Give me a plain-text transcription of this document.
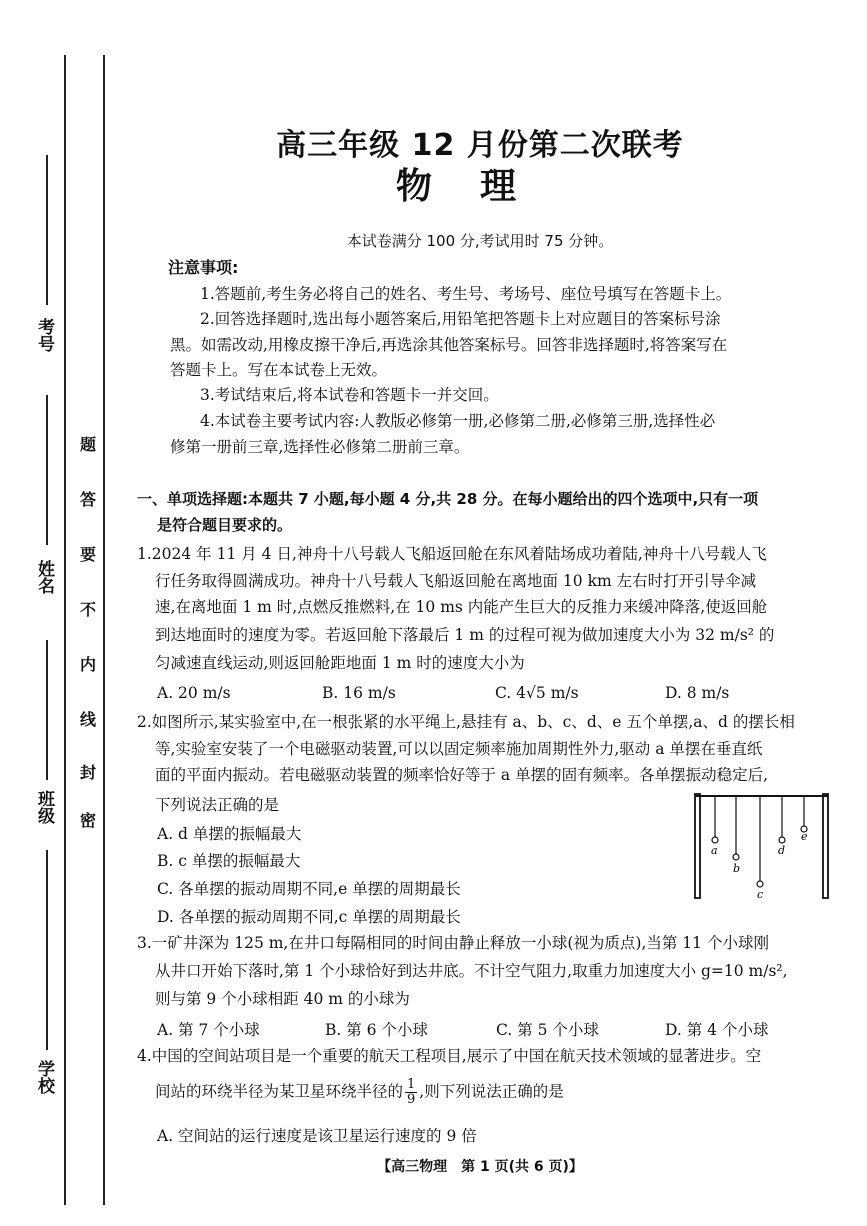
考号
姓名
班级
学校
题
答
要
不
内
线
封
密
高三年级 12 月份第二次联考
物理
本试卷满分 100 分,考试用时 75 分钟。
注意事项:
1.答题前,考生务必将自己的姓名、考生号、考场号、座位号填写在答题卡上。
2.回答选择题时,选出每小题答案后,用铅笔把答题卡上对应题目的答案标号涂
黑。如需改动,用橡皮擦干净后,再选涂其他答案标号。回答非选择题时,将答案写在
答题卡上。写在本试卷上无效。
3.考试结束后,将本试卷和答题卡一并交回。
4.本试卷主要考试内容:人教版必修第一册,必修第二册,必修第三册,选择性必
修第一册前三章,选择性必修第二册前三章。
一、单项选择题:本题共 7 小题,每小题 4 分,共 28 分。在每小题给出的四个选项中,只有一项
是符合题目要求的。
1.2024 年 11 月 4 日,神舟十八号载人飞船返回舱在东风着陆场成功着陆,神舟十八号载人飞
行任务取得圆满成功。神舟十八号载人飞船返回舱在离地面 10 km 左右时打开引导伞减
速,在离地面 1 m 时,点燃反推燃料,在 10 ms 内能产生巨大的反推力来缓冲降落,使返回舱
到达地面时的速度为零。若返回舱下落最后 1 m 的过程可视为做加速度大小为 32 m/s² 的
匀减速直线运动,则返回舱距地面 1 m 时的速度大小为
A. 20 m/s	B. 16 m/s	C. 4√5 m/s	D. 8 m/s
2.如图所示,某实验室中,在一根张紧的水平绳上,悬挂有 a、b、c、d、e 五个单摆,a、d 的摆长相
等,实验室安装了一个电磁驱动装置,可以以固定频率施加周期性外力,驱动 a 单摆在垂直纸
面的平面内振动。若电磁驱动装置的频率恰好等于 a 单摆的固有频率。各单摆振动稳定后,
下列说法正确的是
A. d 单摆的振幅最大
B. c 单摆的振幅最大
C. 各单摆的振动周期不同,e 单摆的周期最长
D. 各单摆的振动周期不同,c 单摆的周期最长
a
b
c
d
e
3.一矿井深为 125 m,在井口每隔相同的时间由静止释放一小球(视为质点),当第 11 个小球刚
从井口开始下落时,第 1 个小球恰好到达井底。不计空气阻力,取重力加速度大小 g=10 m/s²,
则与第 9 个小球相距 40 m 的小球为
A. 第 7 个小球	B. 第 6 个小球	C. 第 5 个小球	D. 第 4 个小球
4.中国的空间站项目是一个重要的航天工程项目,展示了中国在航天技术领域的显著进步。空
间站的环绕半径为某卫星环绕半径的 $\frac{1}{9}$ ,则下列说法正确的是
A. 空间站的运行速度是该卫星运行速度的 9 倍
【高三物理　第 1 页(共 6 页)】
